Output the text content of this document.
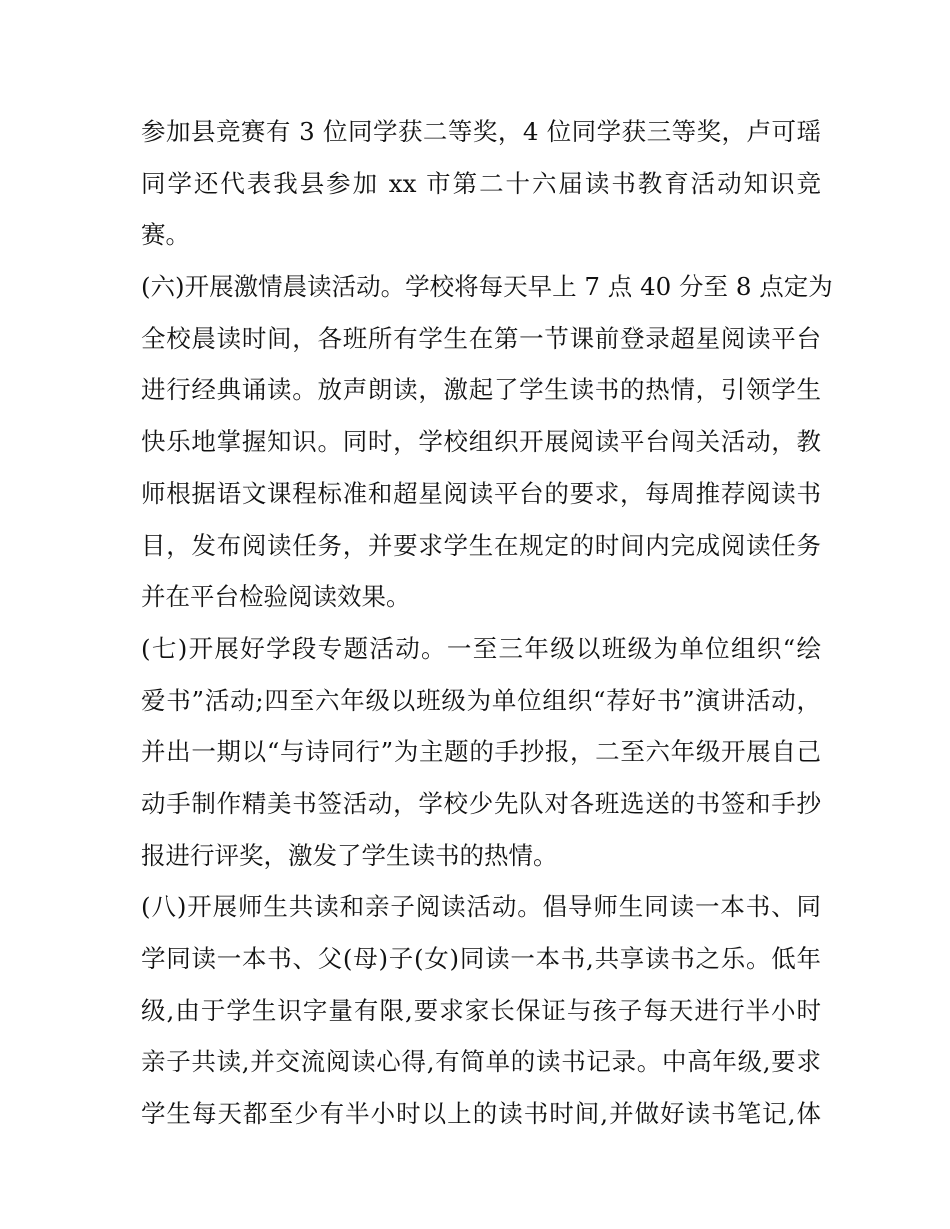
参加县竞赛有 3 位同学获二等奖，4 位同学获三等奖，卢可瑶
同学还代表我县参加 xx 市第二十六届读书教育活动知识竞
赛。
(六)开展激情晨读活动。学校将每天早上 7 点 40 分至 8 点定为
全校晨读时间，各班所有学生在第一节课前登录超星阅读平台
进行经典诵读。放声朗读，激起了学生读书的热情，引领学生
快乐地掌握知识。同时，学校组织开展阅读平台闯关活动，教
师根据语文课程标准和超星阅读平台的要求，每周推荐阅读书
目，发布阅读任务，并要求学生在规定的时间内完成阅读任务
并在平台检验阅读效果。
(七)开展好学段专题活动。一至三年级以班级为单位组织“绘
爱书”活动;四至六年级以班级为单位组织“荐好书”演讲活动，
并出一期以“与诗同行”为主题的手抄报，二至六年级开展自己
动手制作精美书签活动，学校少先队对各班选送的书签和手抄
报进行评奖，激发了学生读书的热情。
(八)开展师生共读和亲子阅读活动。倡导师生同读一本书、同
学同读一本书、父(母)子(女)同读一本书,共享读书之乐。低年
级,由于学生识字量有限,要求家长保证与孩子每天进行半小时
亲子共读,并交流阅读心得,有简单的读书记录。中高年级,要求
学生每天都至少有半小时以上的读书时间,并做好读书笔记,体
